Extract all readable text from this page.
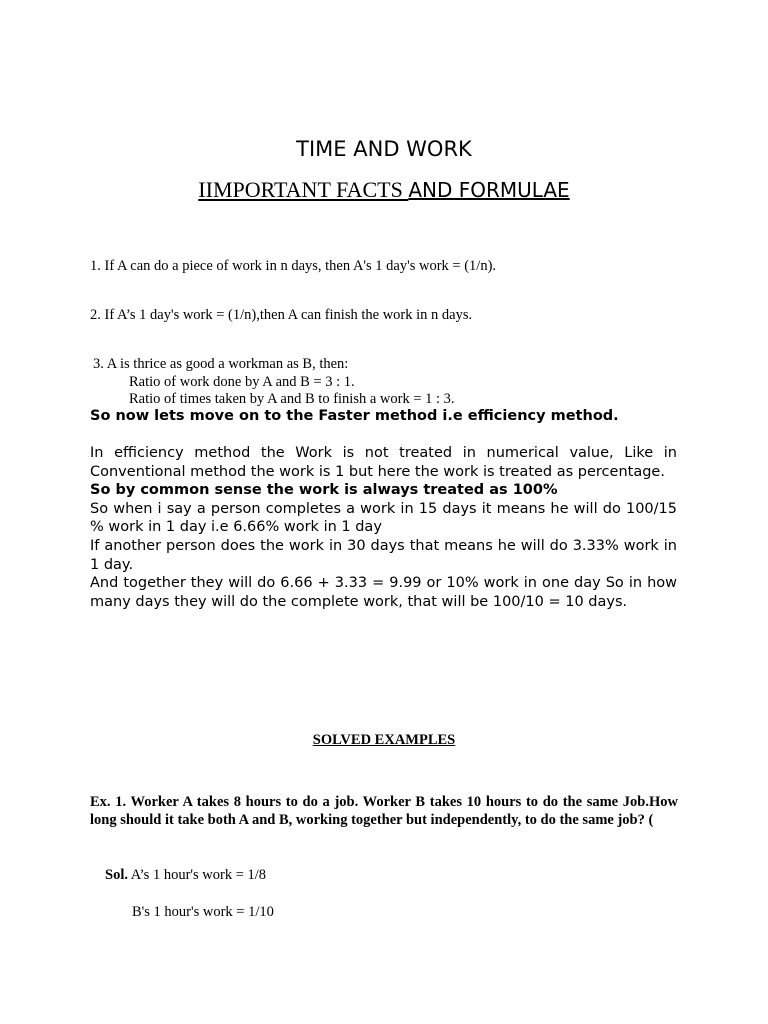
TIME AND WORK
IIMPORTANT FACTS AND FORMULAE
1. If A can do a piece of work in n days, then A's 1 day's work = (1/n).
2. If A’s 1 day's work = (1/n),then A can finish the work in n days.
3. A is thrice as good a workman as B, then:
Ratio of work done by A and B = 3 : 1.
Ratio of times taken by A and B to finish a work = 1 : 3.
So now lets move on to the Faster method i.e efficiency method.

In efficiency method the Work is not treated in numerical value, Like in Conventional method the work is 1 but here the work is treated as percentage.

So by common sense the work is always treated as 100%

So when i say a person completes a work in 15 days it means he will do 100/15 % work in 1 day i.e 6.66% work in 1 day

If another person does the work in 30 days that means he will do 3.33% work in 1 day.

And together they will do 6.66 + 3.33 = 9.99 or 10% work in one day So in how many days they will do the complete work, that will be 100/10 = 10 days.

SOLVED EXAMPLES
Ex. 1. Worker A takes 8 hours to do a job. Worker B takes 10 hours to do the same Job.How long should it take both A and B, working together but independently, to do the same job? (
Sol. A’s 1 hour's work = 1/8
B's 1 hour's work = 1/10
